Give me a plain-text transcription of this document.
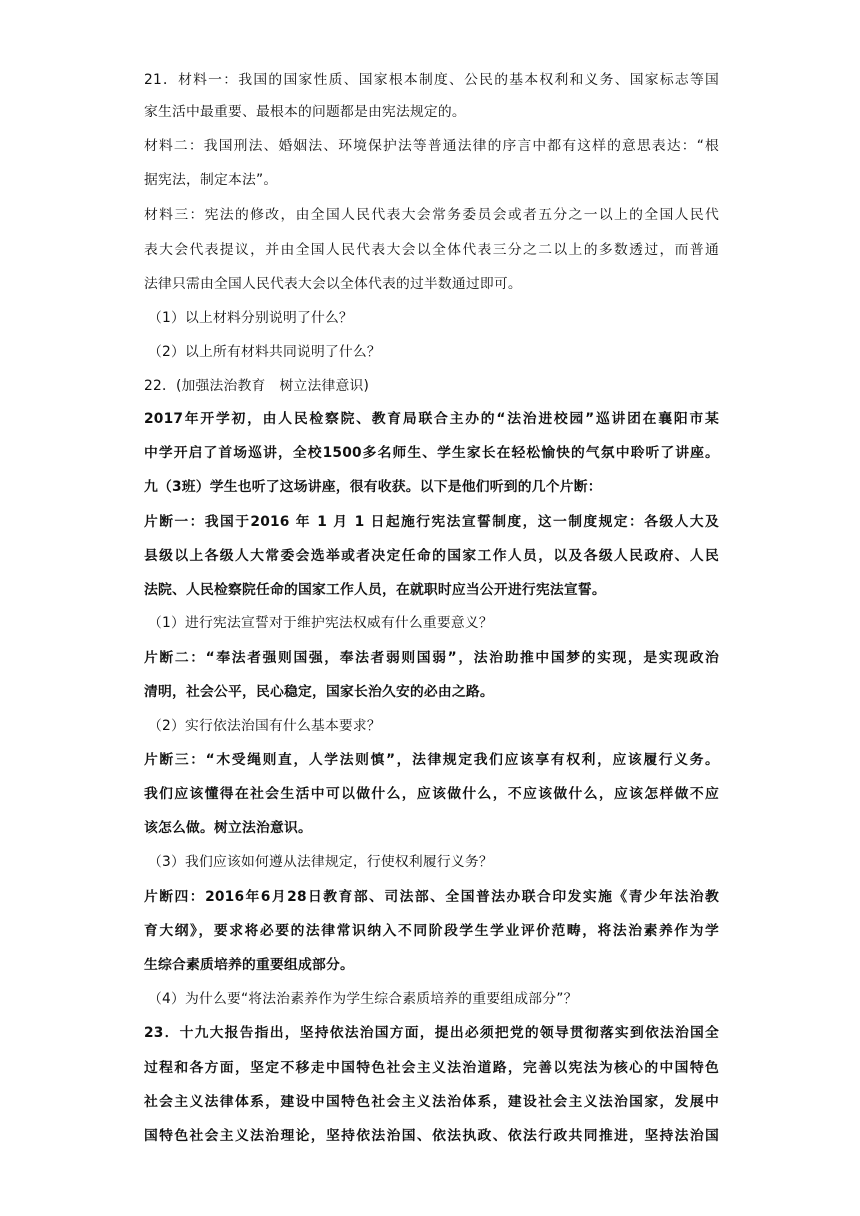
21．材料一：我国的国家性质、国家根本制度、公民的基本权利和义务、国家标志等国
家生活中最重要、最根本的问题都是由宪法规定的。
材料二：我国刑法、婚姻法、环境保护法等普通法律的序言中都有这样的意思表达：“根
据宪法，制定本法”。
材料三：宪法的修改，由全国人民代表大会常务委员会或者五分之一以上的全国人民代
表大会代表提议，并由全国人民代表大会以全体代表三分之二以上的多数透过，而普通
法律只需由全国人民代表大会以全体代表的过半数通过即可。
（1）以上材料分别说明了什么？
（2）以上所有材料共同说明了什么？
22．(加强法治教育　树立法律意识)
2017年开学初，由人民检察院、教育局联合主办的“法治进校园”巡讲团在襄阳市某
中学开启了首场巡讲，全校1500多名师生、学生家长在轻松愉快的气氛中聆听了讲座。
九（3班）学生也听了这场讲座，很有收获。以下是他们听到的几个片断：
片断一：我国于2016 年 1 月 1 日起施行宪法宣誓制度，这一制度规定：各级人大及
县级以上各级人大常委会选举或者决定任命的国家工作人员，以及各级人民政府、人民
法院、人民检察院任命的国家工作人员，在就职时应当公开进行宪法宣誓。
（1）进行宪法宣誓对于维护宪法权威有什么重要意义？
片断二：“奉法者强则国强，奉法者弱则国弱”，法治助推中国梦的实现，是实现政治
清明，社会公平，民心稳定，国家长治久安的必由之路。
（2）实行依法治国有什么基本要求？
片断三：“木受绳则直，人学法则慎”，法律规定我们应该享有权利，应该履行义务。
我们应该懂得在社会生活中可以做什么，应该做什么，不应该做什么，应该怎样做不应
该怎么做。树立法治意识。
（3）我们应该如何遵从法律规定，行使权利履行义务？
片断四：2016年6月28日教育部、司法部、全国普法办联合印发实施《青少年法治教
育大纲》，要求将必要的法律常识纳入不同阶段学生学业评价范畴，将法治素养作为学
生综合素质培养的重要组成部分。
（4）为什么要“将法治素养作为学生综合素质培养的重要组成部分”？
23．十九大报告指出，坚持依法治国方面，提出必须把党的领导贯彻落实到依法治国全
过程和各方面，坚定不移走中国特色社会主义法治道路，完善以宪法为核心的中国特色
社会主义法律体系，建设中国特色社会主义法治体系，建设社会主义法治国家，发展中
国特色社会主义法治理论，坚持依法治国、依法执政、依法行政共同推进，坚持法治国
